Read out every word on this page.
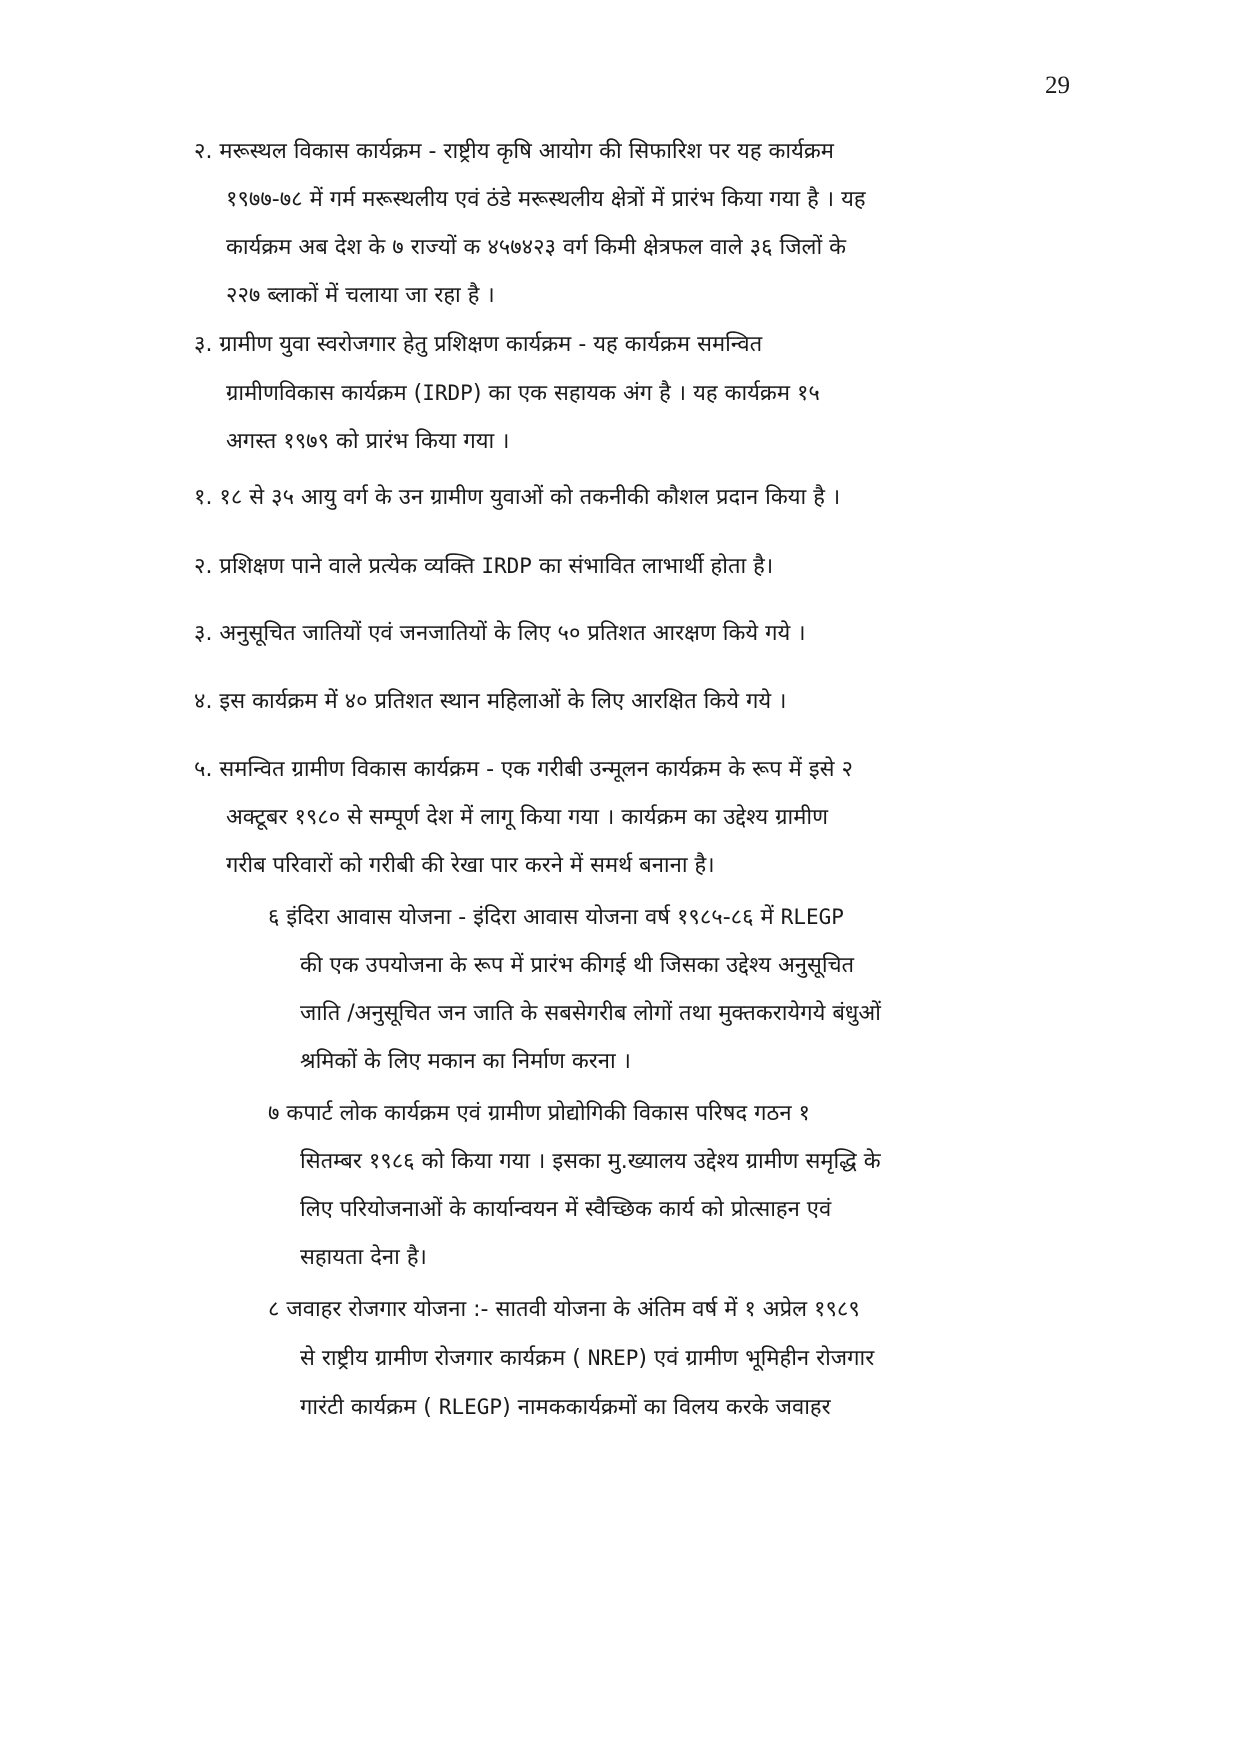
29
२. मरूस्थल विकास कार्यक्रम - राष्ट्रीय कृषि आयोग की सिफारिश पर यह कार्यक्रम
१९७७-७८ में गर्म मरूस्थलीय एवं ठंडे मरूस्थलीय क्षेत्रों में प्रारंभ किया गया है । यह
कार्यक्रम अब देश के ७ राज्यों क ४५७४२३ वर्ग किमी क्षेत्रफल वाले ३६ जिलों के
२२७ ब्लाकों में चलाया जा रहा है ।
३. ग्रामीण युवा स्वरोजगार हेतु प्रशिक्षण कार्यक्रम - यह कार्यक्रम समन्वित
ग्रामीणविकास कार्यक्रम (IRDP) का एक सहायक अंग है । यह कार्यक्रम १५
अगस्त १९७९ को प्रारंभ किया गया ।
१. १८ से ३५ आयु वर्ग के उन ग्रामीण युवाओं को तकनीकी कौशल प्रदान किया है ।
२. प्रशिक्षण पाने वाले प्रत्येक व्यक्ति IRDP का संभावित लाभार्थी होता है।
३. अनुसूचित जातियों एवं जनजातियों के लिए ५० प्रतिशत आरक्षण किये गये ।
४. इस कार्यक्रम में ४० प्रतिशत स्थान महिलाओं के लिए आरक्षित किये गये ।
५. समन्वित ग्रामीण विकास कार्यक्रम - एक गरीबी उन्मूलन कार्यक्रम के रूप में इसे २
अक्टूबर १९८० से सम्पूर्ण देश में लागू किया गया । कार्यक्रम का उद्देश्य ग्रामीण
गरीब परिवारों को गरीबी की रेखा पार करने में समर्थ बनाना है।
६ इंदिरा आवास योजना - इंदिरा आवास योजना वर्ष १९८५-८६ में RLEGP
की एक उपयोजना के रूप में प्रारंभ कीगई थी जिसका उद्देश्य अनुसूचित
जाति /अनुसूचित जन जाति के सबसेगरीब लोगों तथा मुक्तकरायेगये बंधुओं
श्रमिकों के लिए मकान का निर्माण करना ।
७ कपार्ट लोक कार्यक्रम एवं ग्रामीण प्रोद्योगिकी विकास परिषद गठन १
सितम्बर १९८६ को किया गया । इसका मु.ख्यालय उद्देश्य ग्रामीण समृद्धि के
लिए परियोजनाओं के कार्यान्वयन में स्वैच्छिक कार्य को प्रोत्साहन एवं
सहायता देना है।
८ जवाहर रोजगार योजना :- सातवी योजना के अंतिम वर्ष में १ अप्रेल १९८९
से राष्ट्रीय ग्रामीण रोजगार कार्यक्रम ( NREP) एवं ग्रामीण भूमिहीन रोजगार
गारंटी कार्यक्रम ( RLEGP) नामककार्यक्रमों का विलय करके जवाहर
